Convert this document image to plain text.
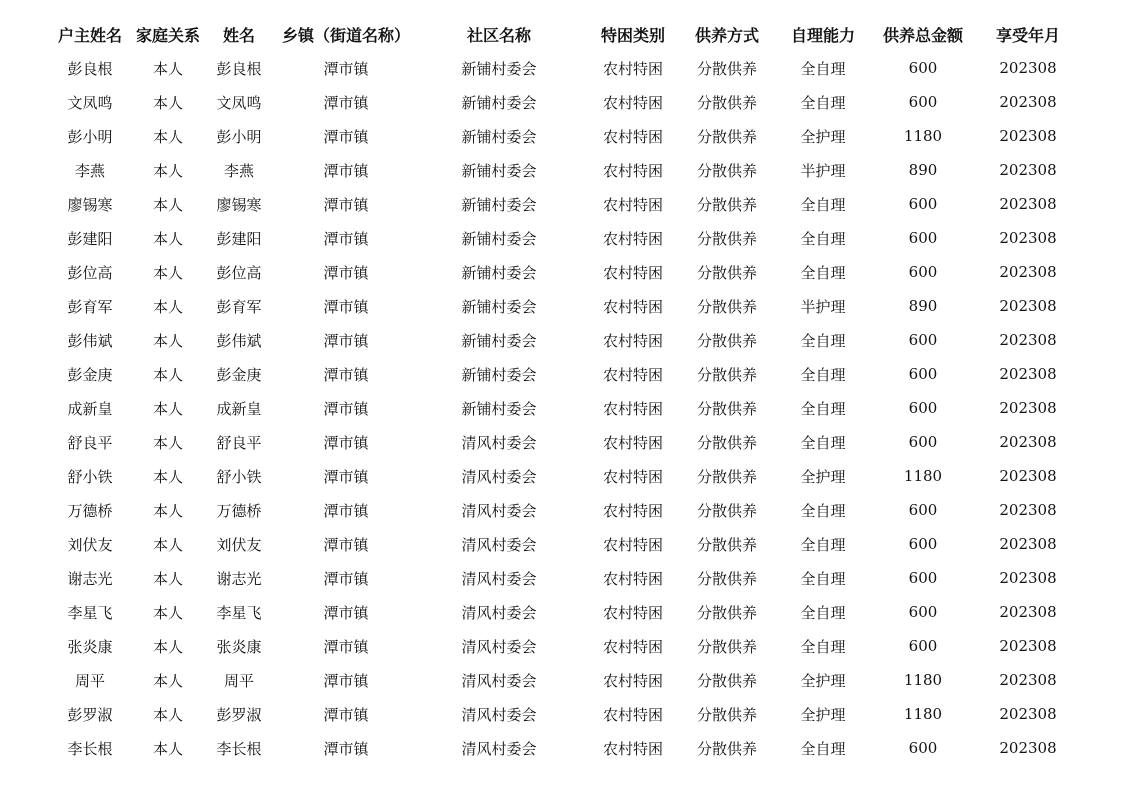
户主姓名	家庭关系	姓名	乡镇（街道名称）	社区名称	特困类别	供养方式	自理能力	供养总金额	享受年月
彭良根	本人	彭良根	潭市镇	新铺村委会	农村特困	分散供养	全自理	600	202308
文凤鸣	本人	文凤鸣	潭市镇	新铺村委会	农村特困	分散供养	全自理	600	202308
彭小明	本人	彭小明	潭市镇	新铺村委会	农村特困	分散供养	全护理	1180	202308
李燕	本人	李燕	潭市镇	新铺村委会	农村特困	分散供养	半护理	890	202308
廖锡寒	本人	廖锡寒	潭市镇	新铺村委会	农村特困	分散供养	全自理	600	202308
彭建阳	本人	彭建阳	潭市镇	新铺村委会	农村特困	分散供养	全自理	600	202308
彭位高	本人	彭位高	潭市镇	新铺村委会	农村特困	分散供养	全自理	600	202308
彭育军	本人	彭育军	潭市镇	新铺村委会	农村特困	分散供养	半护理	890	202308
彭伟斌	本人	彭伟斌	潭市镇	新铺村委会	农村特困	分散供养	全自理	600	202308
彭金庚	本人	彭金庚	潭市镇	新铺村委会	农村特困	分散供养	全自理	600	202308
成新皇	本人	成新皇	潭市镇	新铺村委会	农村特困	分散供养	全自理	600	202308
舒良平	本人	舒良平	潭市镇	清风村委会	农村特困	分散供养	全自理	600	202308
舒小铁	本人	舒小铁	潭市镇	清风村委会	农村特困	分散供养	全护理	1180	202308
万德桥	本人	万德桥	潭市镇	清风村委会	农村特困	分散供养	全自理	600	202308
刘伏友	本人	刘伏友	潭市镇	清风村委会	农村特困	分散供养	全自理	600	202308
谢志光	本人	谢志光	潭市镇	清风村委会	农村特困	分散供养	全自理	600	202308
李星飞	本人	李星飞	潭市镇	清风村委会	农村特困	分散供养	全自理	600	202308
张炎康	本人	张炎康	潭市镇	清风村委会	农村特困	分散供养	全自理	600	202308
周平	本人	周平	潭市镇	清风村委会	农村特困	分散供养	全护理	1180	202308
彭罗淑	本人	彭罗淑	潭市镇	清风村委会	农村特困	分散供养	全护理	1180	202308
李长根	本人	李长根	潭市镇	清风村委会	农村特困	分散供养	全自理	600	202308
